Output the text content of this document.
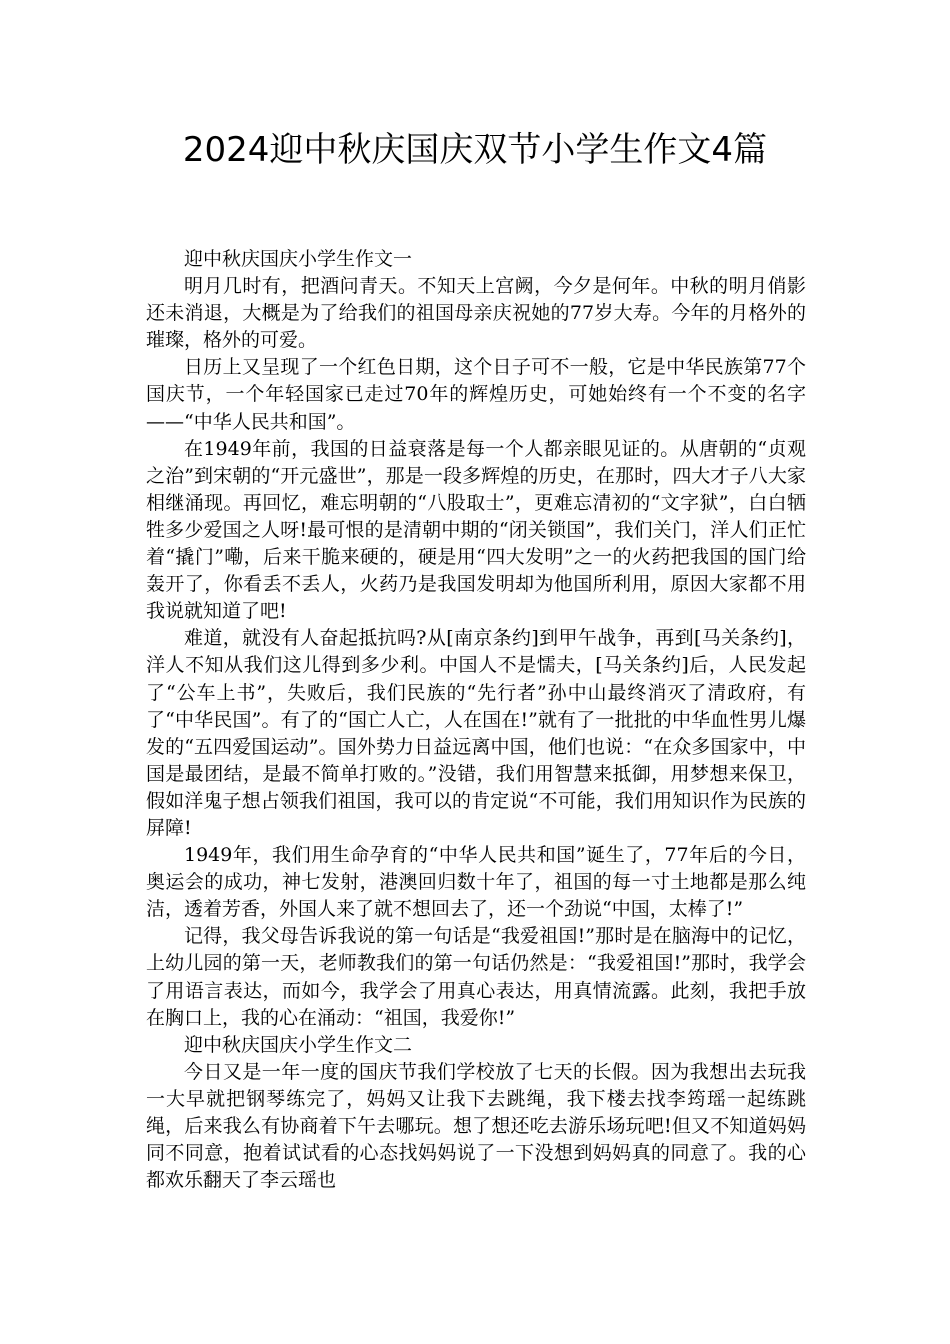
2024迎中秋庆国庆双节小学生作文4篇

迎中秋庆国庆小学生作文一

明月几时有，把酒问青天。不知天上宫阙，今夕是何年。中秋的明月俏影还未消退，大概是为了给我们的祖国母亲庆祝她的77岁大寿。今年的月格外的璀璨，格外的可爱。

日历上又呈现了一个红色日期，这个日子可不一般，它是中华民族第77个国庆节，一个年轻国家已走过70年的辉煌历史，可她始终有一个不变的名字——“中华人民共和国”。

在1949年前，我国的日益衰落是每一个人都亲眼见证的。从唐朝的“贞观之治”到宋朝的“开元盛世”，那是一段多辉煌的历史，在那时，四大才子八大家相继涌现。再回忆，难忘明朝的“八股取士”，更难忘清初的“文字狱”，白白牺牲多少爱国之人呀!最可恨的是清朝中期的“闭关锁国”，我们关门，洋人们正忙着“撬门”嘞，后来干脆来硬的，硬是用“四大发明”之一的火药把我国的国门给轰开了，你看丢不丢人，火药乃是我国发明却为他国所利用，原因大家都不用我说就知道了吧!

难道，就没有人奋起抵抗吗?从[南京条约]到甲午战争，再到[马关条约]，洋人不知从我们这儿得到多少利。中国人不是懦夫，[马关条约]后，人民发起了“公车上书”，失败后，我们民族的“先行者”孙中山最终消灭了清政府，有了“中华民国”。有了的“国亡人亡，人在国在!”就有了一批批的中华血性男儿爆发的“五四爱国运动”。国外势力日益远离中国，他们也说：“在众多国家中，中国是最团结，是最不简单打败的。”没错，我们用智慧来抵御，用梦想来保卫，假如洋鬼子想占领我们祖国，我可以的肯定说“不可能，我们用知识作为民族的屏障!

1949年，我们用生命孕育的“中华人民共和国”诞生了，77年后的今日，奥运会的成功，神七发射，港澳回归数十年了，祖国的每一寸土地都是那么纯洁，透着芳香，外国人来了就不想回去了，还一个劲说“中国，太棒了!”

记得，我父母告诉我说的第一句话是“我爱祖国!”那时是在脑海中的记忆，上幼儿园的第一天，老师教我们的第一句话仍然是：“我爱祖国!”那时，我学会了用语言表达，而如今，我学会了用真心表达，用真情流露。此刻，我把手放在胸口上，我的心在涌动：“祖国，我爱你!”

迎中秋庆国庆小学生作文二

今日又是一年一度的国庆节我们学校放了七天的长假。因为我想出去玩我一大早就把钢琴练完了，妈妈又让我下去跳绳，我下楼去找李筠瑶一起练跳绳，后来我么有协商着下午去哪玩。想了想还吃去游乐场玩吧!但又不知道妈妈同不同意，抱着试试看的心态找妈妈说了一下没想到妈妈真的同意了。我的心都欢乐翻天了李云瑶也
